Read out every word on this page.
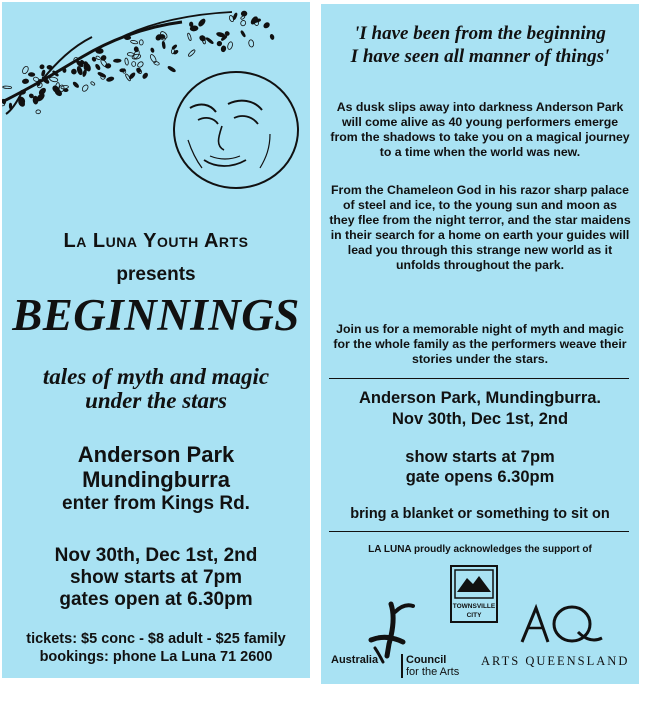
La Luna Youth Arts
presents
BEGINNINGS
tales of myth and magic
under the stars
Anderson Park
Mundingburra
enter from Kings Rd.
Nov 30th, Dec 1st, 2nd
show starts at 7pm
gates open at 6.30pm
tickets: $5 conc - $8 adult - $25 family
bookings: phone La Luna 71 2600
'I have been from the beginning
I have seen all manner of things'
As dusk slips away into darkness Anderson Park will come alive as 40 young performers emerge from the shadows to take you on a magical journey to a time when the world was new.
From the Chameleon God in his razor sharp palace of steel and ice, to the young sun and moon as they flee from the night terror, and the star maidens in their search for a home on earth your guides will lead you through this strange new world as it unfolds throughout the park.
Join us for a memorable night of myth and magic for the whole family as the performers weave their stories under the stars.
Anderson Park, Mundingburra.
Nov 30th, Dec 1st, 2nd
show starts at 7pm
gate opens 6.30pm
bring a blanket or something to sit on
LA LUNA proudly acknowledges the support of
Australia	Council
for the Arts
TOWNSVILLE
CITY
ARTS QUEENSLAND
